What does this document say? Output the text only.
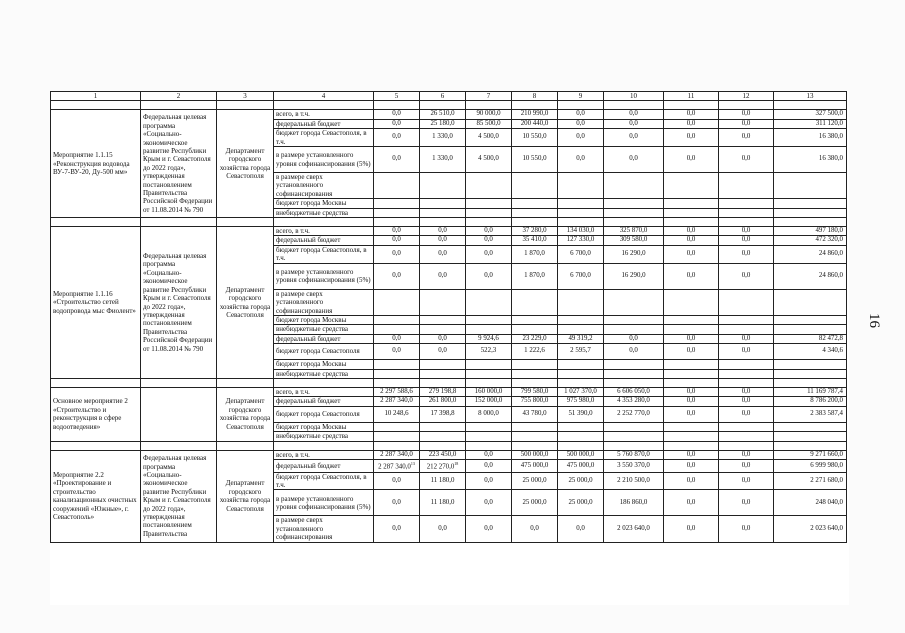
1	2	3	4	5	6	7	8	9	10	11	12	13

Мероприятие 1.1.15 «Реконструкция водовода ВУ-7-ВУ-20, Ду-500 мм»	Федеральная целевая программа «Социально-экономическое развитие Республики Крым и г. Севастополя до 2022 года», утвержденная постановлением Правительства Российской Федерации от 11.08.2014 № 790	Департамент городского хозяйства города Севастополя	всего, в т.ч.	0,0	26 510,0	90 000,0	210 990,0	0,0	0,0	0,0	0,0	327 500,0
			федеральный бюджет	0,0	25 180,0	85 500,0	200 440,0	0,0	0,0	0,0	0,0	311 120,0
			бюджет города Севастополя, в т.ч.	0,0	1 330,0	4 500,0	10 550,0	0,0	0,0	0,0	0,0	16 380,0
			в размере установленного уровня софинансирования (5%)	0,0	1 330,0	4 500,0	10 550,0	0,0	0,0	0,0	0,0	16 380,0
			в размере сверх установленного софинансирования									
			бюджет города Москвы									
			внебюджетные средства									

Мероприятие 1.1.16 «Строительство сетей водопровода мыс Фиолент»	Федеральная целевая программа «Социально-экономическое развитие Республики Крым и г. Севастополя до 2022 года», утвержденная постановлением Правительства Российской Федерации от 11.08.2014 № 790	Департамент городского хозяйства города Севастополя	всего, в т.ч.	0,0	0,0	0,0	37 280,0	134 030,0	325 870,0	0,0	0,0	497 180,0
			федеральный бюджет	0,0	0,0	0,0	35 410,0	127 330,0	309 580,0	0,0	0,0	472 320,0
			бюджет города Севастополя, в т.ч.	0,0	0,0	0,0	1 870,0	6 700,0	16 290,0	0,0	0,0	24 860,0
			в размере установленного уровня софинансирования (5%)	0,0	0,0	0,0	1 870,0	6 700,0	16 290,0	0,0	0,0	24 860,0
			в размере сверх установленного софинансирования									
			бюджет города Москвы									
			внебюджетные средства									
			федеральный бюджет	0,0	0,0	9 924,6	23 229,0	49 319,2	0,0	0,0	0,0	82 472,8
			бюджет города Севастополя	0,0	0,0	522,3	1 222,6	2 595,7	0,0	0,0	0,0	4 340,6
			бюджет города Москвы									
			внебюджетные средства									

Основное мероприятие 2 «Строительство и реконструкция в сфере водоотведения»		Департамент городского хозяйства города Севастополя	всего, в т.ч.	2 297 588,6	279 198,8	160 000,0	799 580,0	1 027 370,0	6 606 050,0	0,0	0,0	11 169 787,4
			федеральный бюджет	2 287 340,0	261 800,0	152 000,0	755 800,0	975 980,0	4 353 280,0	0,0	0,0	8 786 200,0
			бюджет города Севастополя	10 248,6	17 398,8	8 000,0	43 780,0	51 390,0	2 252 770,0	0,0	0,0	2 383 587,4
			бюджет города Москвы									
			внебюджетные средства									

Мероприятие 2.2 «Проектирование и строительство канализационных очистных сооружений «Южные», г. Севастополь»	Федеральная целевая программа «Социально-экономическое развитие Республики Крым и г. Севастополя до 2022 года», утвержденная постановлением Правительства	Департамент городского хозяйства города Севастополя	всего, в т.ч.	2 287 340,0	223 450,0	0,0	500 000,0	500 000,0	5 760 870,0	0,0	0,0	9 271 660,0
			федеральный бюджет	2 287 340,0$^{13}$	212 270,0$^{18}$	0,0	475 000,0	475 000,0	3 550 370,0	0,0	0,0	6 999 980,0
			бюджет города Севастополя, в т.ч.	0,0	11 180,0	0,0	25 000,0	25 000,0	2 210 500,0	0,0	0,0	2 271 680,0
			в размере установленного уровня софинансирования (5%)	0,0	11 180,0	0,0	25 000,0	25 000,0	186 860,0	0,0	0,0	248 040,0
			в размере сверх установленного софинансирования	0,0	0,0	0,0	0,0	0,0	2 023 640,0	0,0	0,0	2 023 640,0
16
